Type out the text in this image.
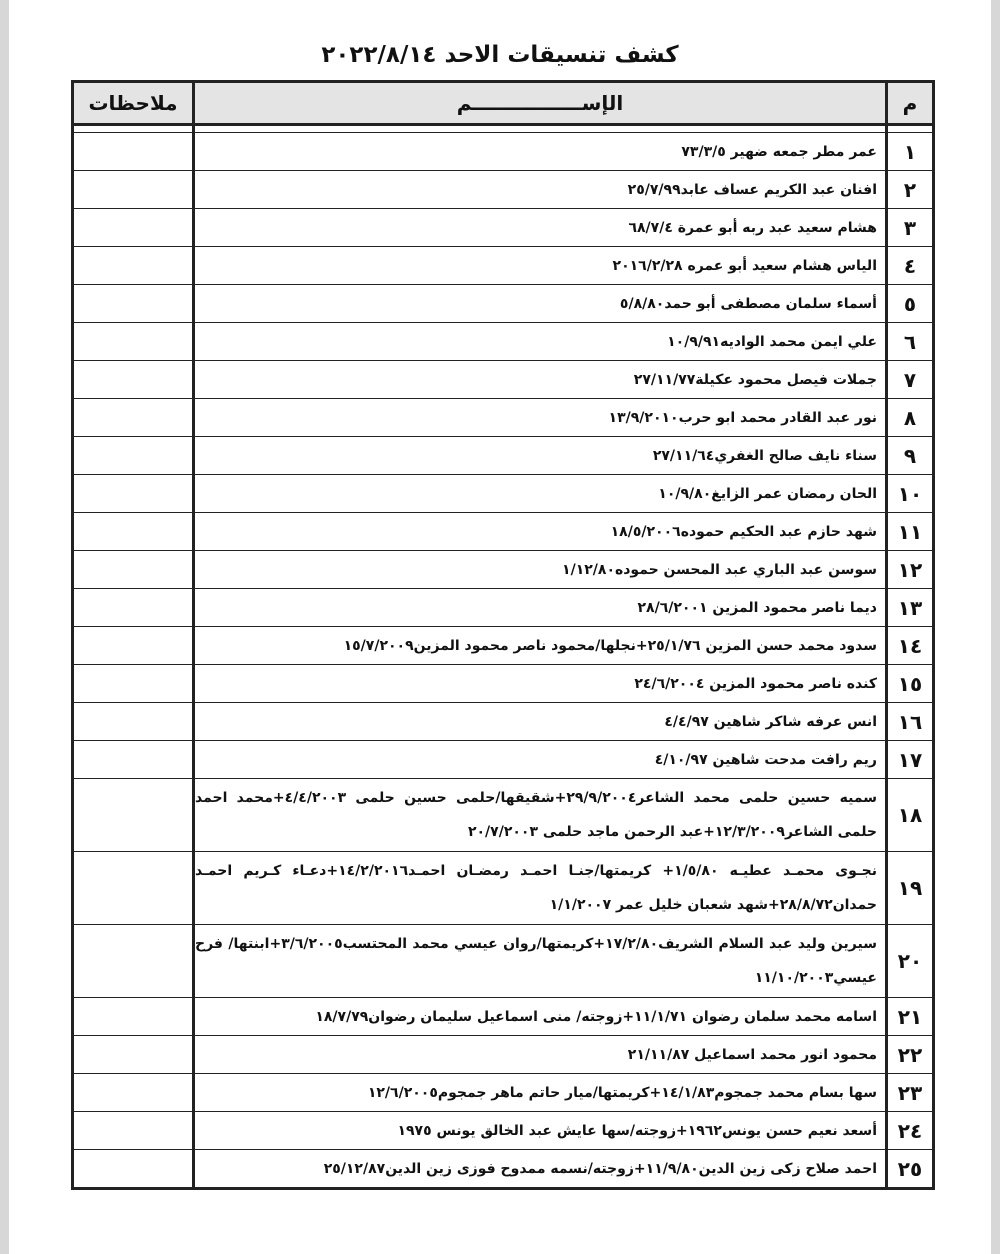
كشف تنسيقات الاحد ٢٠٢٢/٨/١٤
م	الإســــــــــــــــم	ملاحظات

١	عمر مطر جمعه ضهير ٧٣/٣/٥	
٢	افنان عبد الكريم عساف عابد٢٥/٧/٩٩	
٣	هشام سعيد عبد ربه أبو عمرة ٦٨/٧/٤	
٤	الياس هشام سعيد أبو عمره ٢٠١٦/٢/٢٨	
٥	أسماء سلمان مصطفى أبو حمد٥/٨/٨٠	
٦	علي ايمن محمد الواديه١٠/٩/٩١	
٧	جملات فيصل محمود عكيلة٢٧/١١/٧٧	
٨	نور عبد القادر محمد ابو حرب١٣/٩/٢٠١٠	
٩	سناء نايف صالح الغفري٢٧/١١/٦٤	
١٠	الحان رمضان عمر الزايغ١٠/٩/٨٠	
١١	شهد حازم عبد الحكيم حموده١٨/٥/٢٠٠٦	
١٢	سوسن عبد الباري عبد المحسن حموده١/١٢/٨٠	
١٣	ديما ناصر محمود المزين ٢٨/٦/٢٠٠١	
١٤	سدود محمد حسن المزين ٢٥/١/٧٦+نجلها/محمود ناصر محمود المزين١٥/٧/٢٠٠٩	
١٥	كنده ناصر محمود المزين ٢٤/٦/٢٠٠٤	
١٦	انس عرفه شاكر شاهين ٤/٤/٩٧	
١٧	ريم رافت مدحت شاهين ٤/١٠/٩٧	
١٨	سميه حسين حلمى محمد الشاعر٢٩/٩/٢٠٠٤+شقيقها/حلمى حسين حلمى ٤/٤/٢٠٠٣+محمد احمد حلمى الشاعر١٢/٣/٢٠٠٩+عبد الرحمن ماجد حلمى ٢٠/٧/٢٠٠٣	
١٩	نجـوى محمـد عطيـه ١/٥/٨٠+ كريمتها/جنـا احمـد رمضـان احمـد١٤/٢/٢٠١٦+دعـاء كـريم احمـد حمدان٢٨/٨/٧٢+شهد شعبان خليل عمر ١/١/٢٠٠٧	
٢٠	سيرين وليد عبد السلام الشريف١٧/٢/٨٠+كريمتها/روان عيسي محمد المحتسب٣/٦/٢٠٠٥+ابنتها/ فرح عيسي١١/١٠/٢٠٠٣	
٢١	اسامه محمد سلمان رضوان ١١/١/٧١+زوجته/ منى اسماعيل سليمان رضوان١٨/٧/٧٩	
٢٢	محمود انور محمد اسماعيل ٢١/١١/٨٧	
٢٣	سها بسام محمد جمجوم١٤/١/٨٣+كريمتها/ميار حاتم ماهر جمجوم١٢/٦/٢٠٠٥	
٢٤	أسعد نعيم حسن يونس١٩٦٢+زوجته/سها عايش عبد الخالق يونس ١٩٧٥	
٢٥	احمد صلاح زكى زين الدين١١/٩/٨٠+زوجته/نسمه ممدوح فوزى زين الدين٢٥/١٢/٨٧	
